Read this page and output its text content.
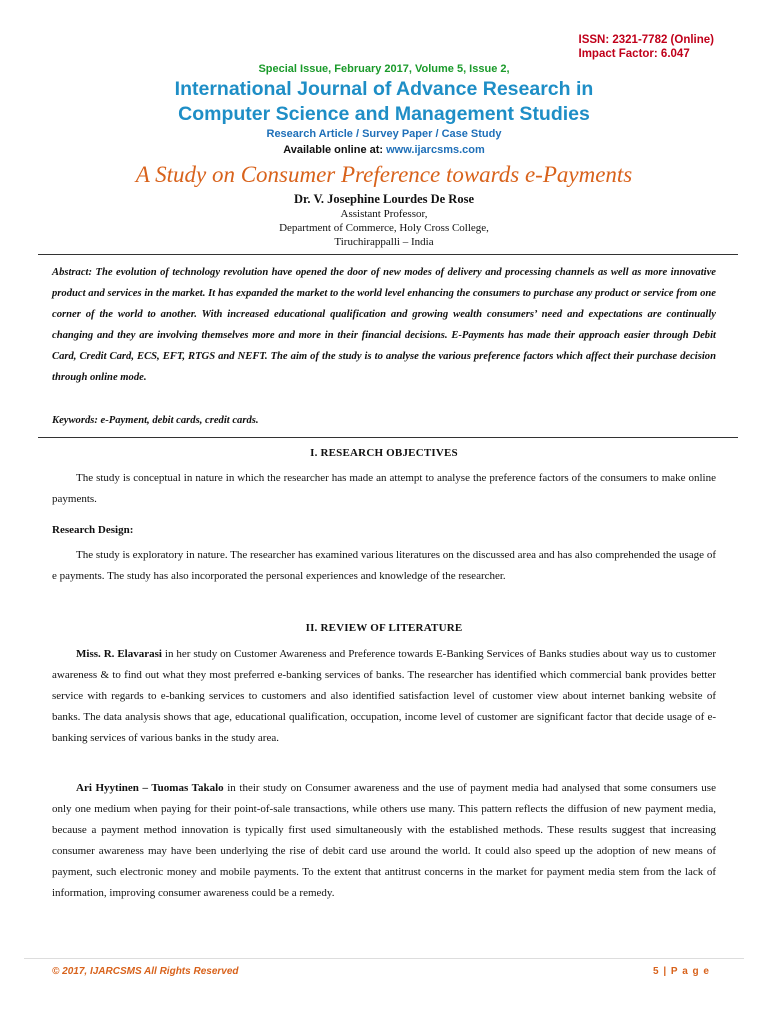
ISSN: 2321-7782 (Online)
Impact Factor: 6.047
Special Issue, February 2017, Volume 5, Issue 2,
International Journal of Advance Research in
Computer Science and Management Studies
Research Article / Survey Paper / Case Study
Available online at: www.ijarcsms.com
A Study on Consumer Preference towards e-Payments
Dr. V. Josephine Lourdes De Rose
Assistant Professor,
Department of Commerce, Holy Cross College,
Tiruchirappalli – India
Abstract: The evolution of technology revolution have opened the door of new modes of delivery and processing channels as well as more innovative product and services in the market. It has expanded the market to the world level enhancing the consumers to purchase any product or service from one corner of the world to another. With increased educational qualification and growing wealth consumers’ need and expectations are continually changing and they are involving themselves more and more in their financial decisions. E-Payments has made their approach easier through Debit Card, Credit Card, ECS, EFT, RTGS and NEFT. The aim of the study is to analyse the various preference factors which affect their purchase decision through online mode.
Keywords: e-Payment, debit cards, credit cards.
I. RESEARCH OBJECTIVES
The study is conceptual in nature in which the researcher has made an attempt to analyse the preference factors of the consumers to make online payments.
Research Design:
The study is exploratory in nature. The researcher has examined various literatures on the discussed area and has also comprehended the usage of e payments. The study has also incorporated the personal experiences and knowledge of the researcher.
II. REVIEW OF LITERATURE
Miss. R. Elavarasi in her study on Customer Awareness and Preference towards E-Banking Services of Banks studies about way us to customer awareness & to find out what they most preferred e-banking services of banks. The researcher has identified which commercial bank provides better service with regards to e-banking services to customers and also identified satisfaction level of customer view about internet banking website of banks. The data analysis shows that age, educational qualification, occupation, income level of customer are significant factor that decide usage of e-banking services of various banks in the study area.
Ari Hyytinen – Tuomas Takalo in their study on Consumer awareness and the use of payment media had analysed that some consumers use only one medium when paying for their point-of-sale transactions, while others use many. This pattern reflects the diffusion of new payment media, because a payment method innovation is typically first used simultaneously with the established methods. These results suggest that increasing consumer awareness may have been underlying the rise of debit card use around the world. It could also speed up the adoption of new means of payment, such electronic money and mobile payments. To the extent that antitrust concerns in the market for payment media stem from the lack of information, improving consumer awareness could be a remedy.
© 2017, IJARCSMS All Rights Reserved	5 | P a g e
